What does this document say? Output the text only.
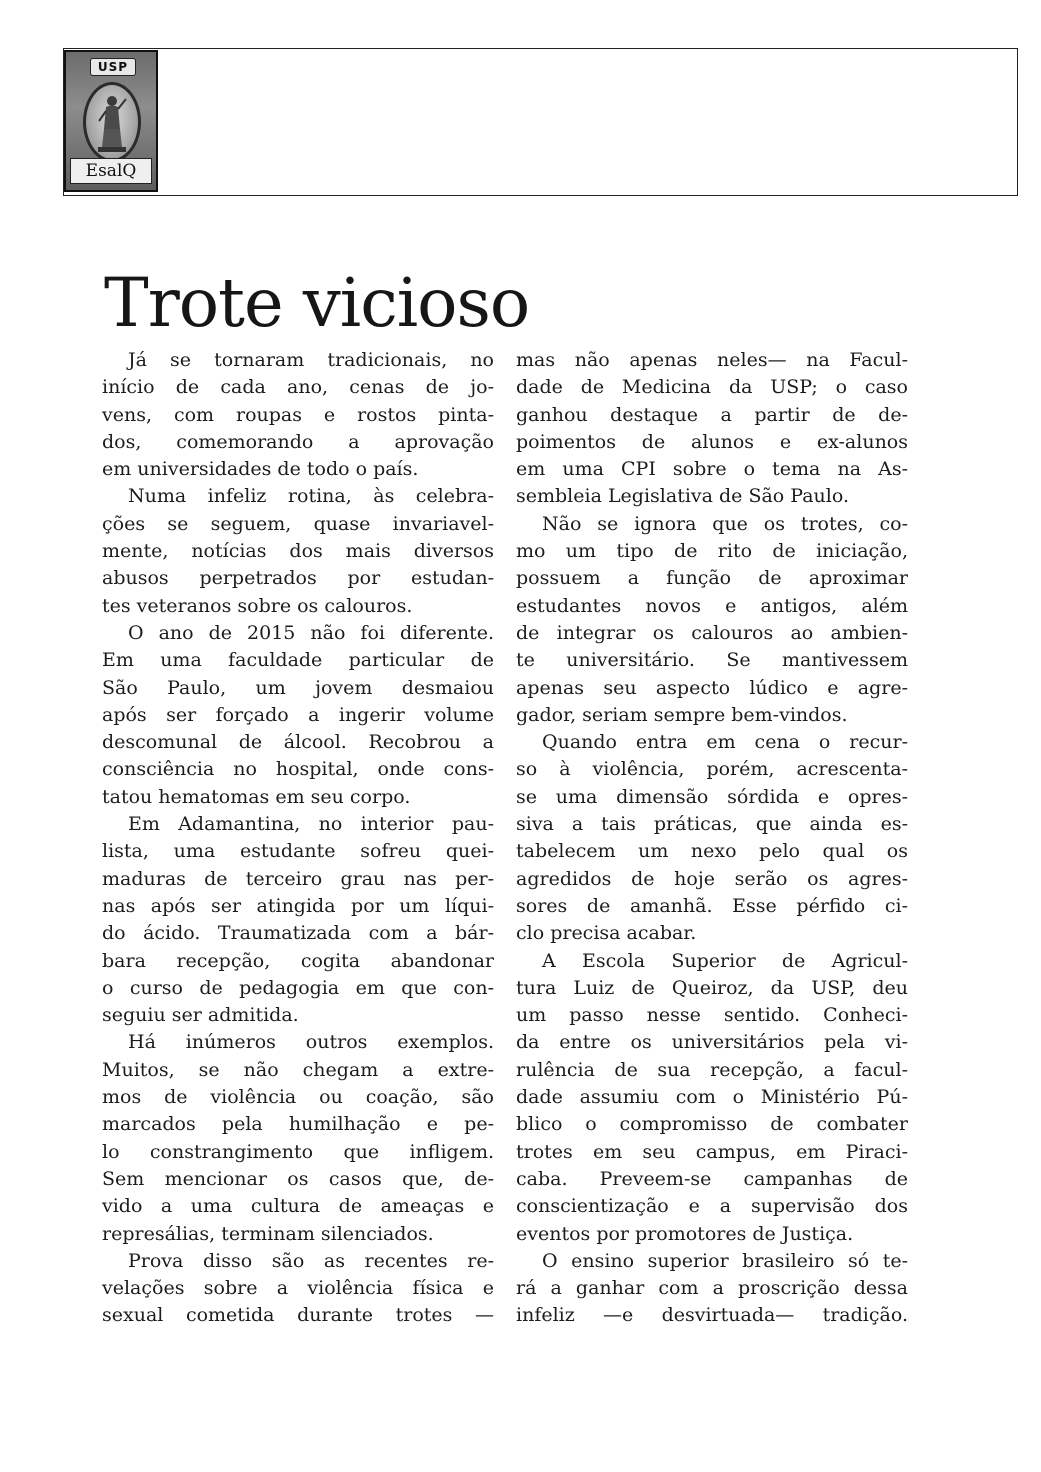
USP
EsalQ
Trote vicioso
Já se tornaram tradicionais, no
início de cada ano, cenas de jo-
vens, com roupas e rostos pinta-
dos, comemorando a aprovação
em universidades de todo o país.
Numa infeliz rotina, às celebra-
ções se seguem, quase invariavel-
mente, notícias dos mais diversos
abusos perpetrados por estudan-
tes veteranos sobre os calouros.
O ano de 2015 não foi diferente.
Em uma faculdade particular de
São Paulo, um jovem desmaiou
após ser forçado a ingerir volume
descomunal de álcool. Recobrou a
consciência no hospital, onde cons-
tatou hematomas em seu corpo.
Em Adamantina, no interior pau-
lista, uma estudante sofreu quei-
maduras de terceiro grau nas per-
nas após ser atingida por um líqui-
do ácido. Traumatizada com a bár-
bara recepção, cogita abandonar
o curso de pedagogia em que con-
seguiu ser admitida.
Há inúmeros outros exemplos.
Muitos, se não chegam a extre-
mos de violência ou coação, são
marcados pela humilhação e pe-
lo constrangimento que infligem.
Sem mencionar os casos que, de-
vido a uma cultura de ameaças e
represálias, terminam silenciados.
Prova disso são as recentes re-
velações sobre a violência física e
sexual cometida durante trotes —
mas não apenas neles— na Facul-
dade de Medicina da USP; o caso
ganhou destaque a partir de de-
poimentos de alunos e ex-alunos
em uma CPI sobre o tema na As-
sembleia Legislativa de São Paulo.
Não se ignora que os trotes, co-
mo um tipo de rito de iniciação,
possuem a função de aproximar
estudantes novos e antigos, além
de integrar os calouros ao ambien-
te universitário. Se mantivessem
apenas seu aspecto lúdico e agre-
gador, seriam sempre bem-vindos.
Quando entra em cena o recur-
so à violência, porém, acrescenta-
se uma dimensão sórdida e opres-
siva a tais práticas, que ainda es-
tabelecem um nexo pelo qual os
agredidos de hoje serão os agres-
sores de amanhã. Esse pérfido ci-
clo precisa acabar.
A Escola Superior de Agricul-
tura Luiz de Queiroz, da USP, deu
um passo nesse sentido. Conheci-
da entre os universitários pela vi-
rulência de sua recepção, a facul-
dade assumiu com o Ministério Pú-
blico o compromisso de combater
trotes em seu campus, em Piraci-
caba. Preveem-se campanhas de
conscientização e a supervisão dos
eventos por promotores de Justiça.
O ensino superior brasileiro só te-
rá a ganhar com a proscrição dessa
infeliz —e desvirtuada— tradição.
